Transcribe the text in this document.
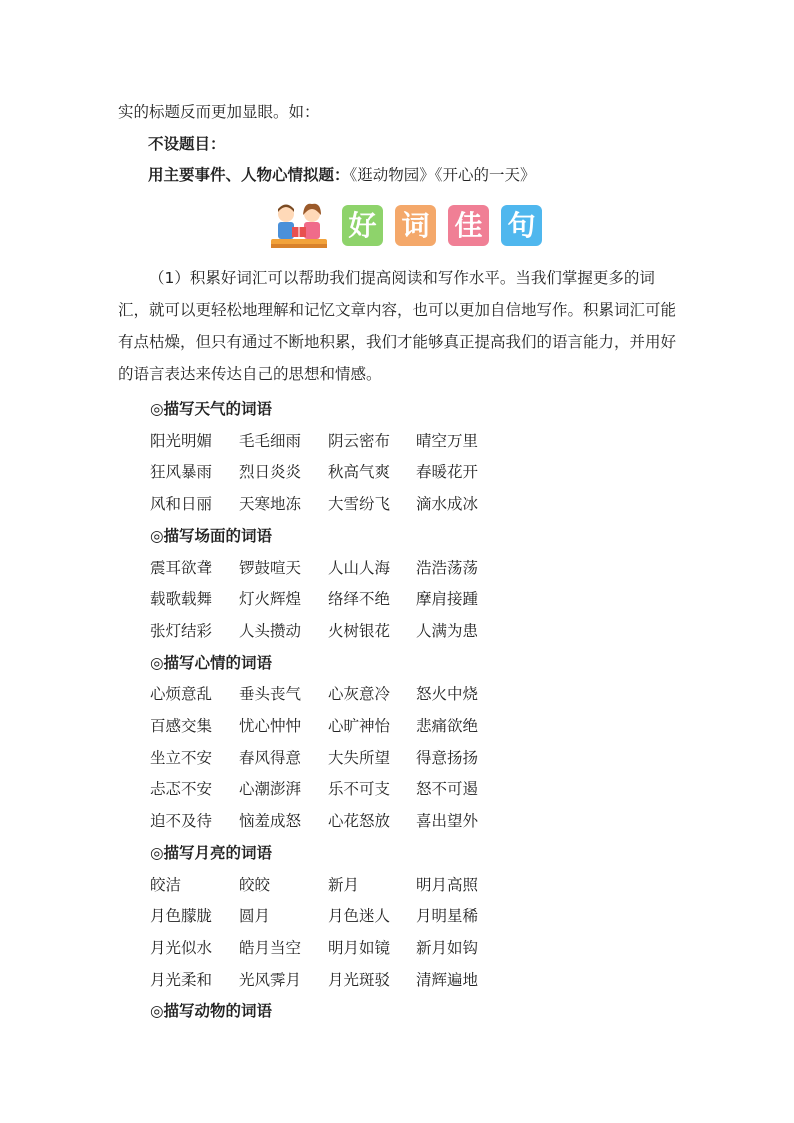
实的标题反而更加显眼。如：
不设题目：
用主要事件、人物心情拟题：《逛动物园》《开心的一天》
好 词 佳 句
（1）积累好词汇可以帮助我们提高阅读和写作水平。当我们掌握更多的词汇，就可以更轻松地理解和记忆文章内容，也可以更加自信地写作。积累词汇可能有点枯燥，但只有通过不断地积累，我们才能够真正提高我们的语言能力，并用好的语言表达来传达自己的思想和情感。
◎描写天气的词语
阳光明媚 毛毛细雨 阴云密布 晴空万里
狂风暴雨 烈日炎炎 秋高气爽 春暖花开
风和日丽 天寒地冻 大雪纷飞 滴水成冰
◎描写场面的词语
震耳欲聋 锣鼓喧天 人山人海 浩浩荡荡
载歌载舞 灯火辉煌 络绎不绝 摩肩接踵
张灯结彩 人头攒动 火树银花 人满为患
◎描写心情的词语
心烦意乱 垂头丧气 心灰意冷 怒火中烧
百感交集 忧心忡忡 心旷神怡 悲痛欲绝
坐立不安 春风得意 大失所望 得意扬扬
忐忑不安 心潮澎湃 乐不可支 怒不可遏
迫不及待 恼羞成怒 心花怒放 喜出望外
◎描写月亮的词语
皎洁	皎皎	新月	明月高照
月色朦胧 圆月	月色迷人 月明星稀
月光似水 皓月当空 明月如镜 新月如钩
月光柔和 光风霁月 月光斑驳 清辉遍地
◎描写动物的词语
